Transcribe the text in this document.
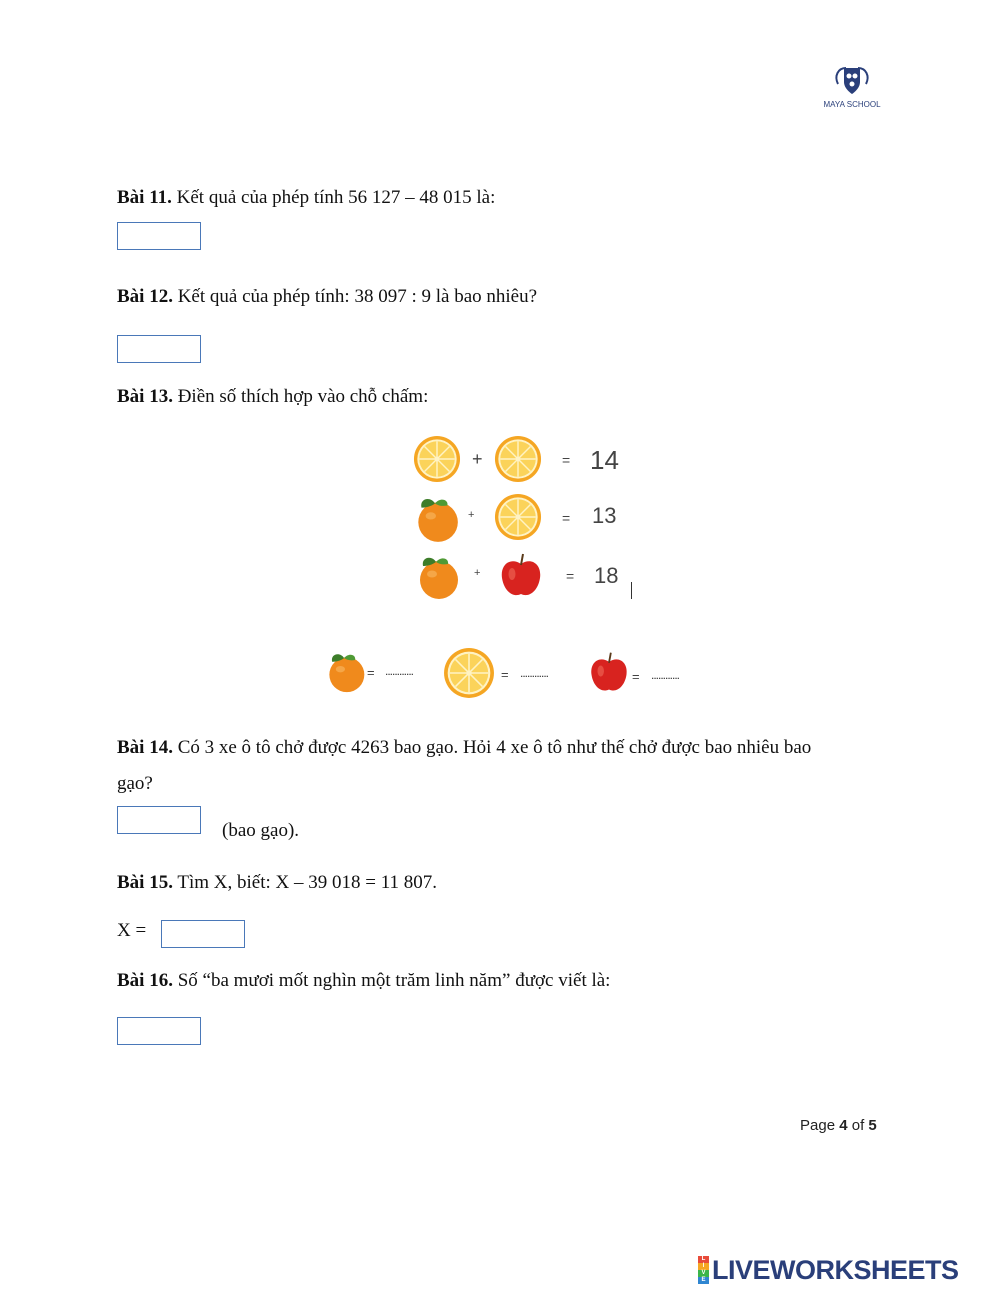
MAYA SCHOOL
Bài 11. Kết quả của phép tính 56 127 – 48 015 là:
Bài 12. Kết quả của phép tính: 38 097 : 9 là bao nhiêu?
Bài 13. Điền số thích hợp vào chỗ chấm:
+	= 14
+	= 13
+	= 18
= ............	= ............	= ............
Bài 14. Có 3 xe ô tô chở được 4263 bao gạo. Hỏi 4 xe ô tô như thế chở được bao nhiêu bao
gạo?
(bao gạo).
Bài 15. Tìm X, biết: X – 39 018 = 11 807.
X =
Bài 16. Số “ba mươi mốt nghìn một trăm linh năm” được viết là:
Page 4 of 5
L
I
V
E LIVEWORKSHEETS
